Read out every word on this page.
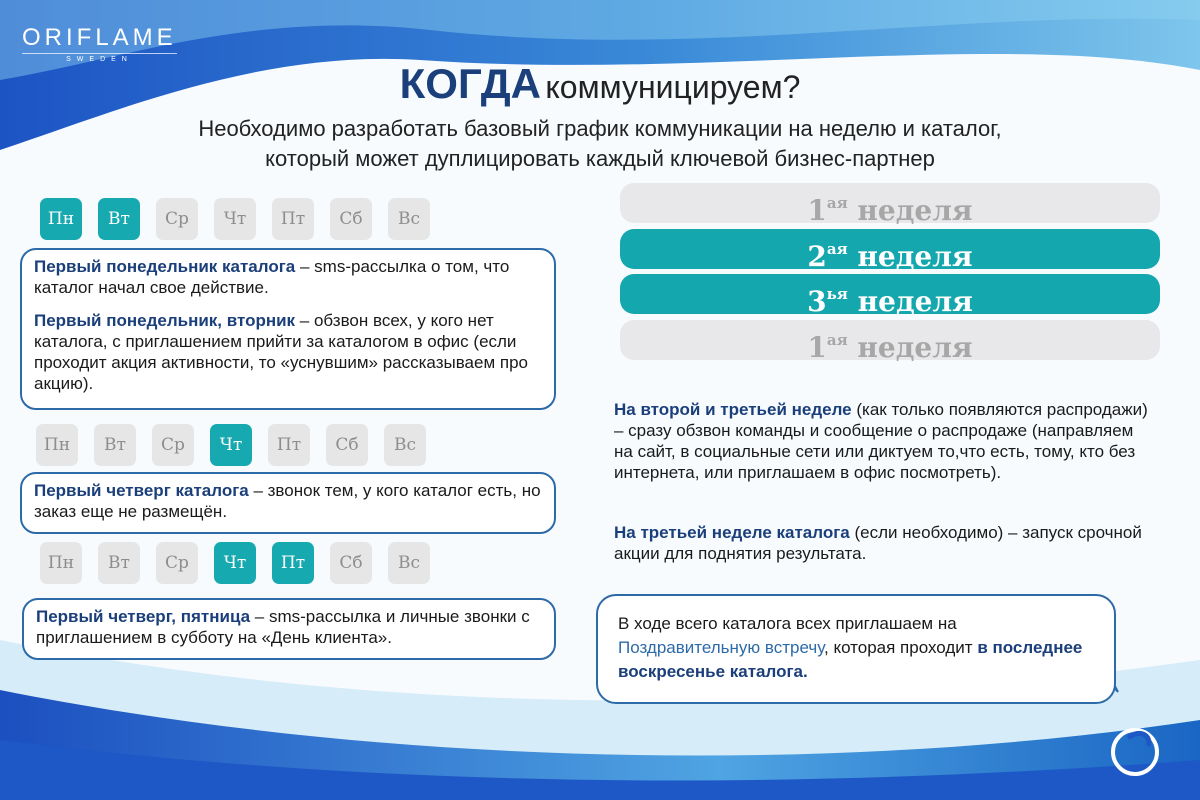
ORIFLAME
SWEDEN
КОГДА коммуницируем?
Необходимо разработать базовый график коммуникации на неделю и каталог,
который может дуплицировать каждый ключевой бизнес-партнер
Пн	Вт	Ср	Чт	Пт	Сб	Вс

Первый понедельник каталога – sms-рассылка о том, что каталог начал свое действие.

Первый понедельник, вторник – обзвон всех, у кого нет каталога, с приглашением прийти за каталогом в офис (если проходит акция активности, то «уснувшим» рассказываем про акцию).

Пн	Вт	Ср	Чт	Пт	Сб	Вс

Первый четверг каталога – звонок тем, у кого каталог есть, но заказ еще не размещён.

Пн	Вт	Ср	Чт	Пт	Сб	Вс

Первый четверг, пятница – sms-рассылка и личные звонки с приглашением в субботу на «День клиента».

$1^{ая}$ неделя
$2^{ая}$ неделя
$3^{ья}$ неделя
$1^{ая}$ неделя
На второй и третьей неделе (как только появляются распродажи) – сразу обзвон команды и сообщение о распродаже (направляем на сайт, в социальные сети или диктуем то,что есть, тому, кто без интернета, или приглашаем в офис посмотреть).
На третьей неделе каталога (если необходимо) – запуск срочной акции для поднятия результата.
В ходе всего каталога всех приглашаем на Поздравительную встречу, которая проходит в последнее воскресенье каталога.
